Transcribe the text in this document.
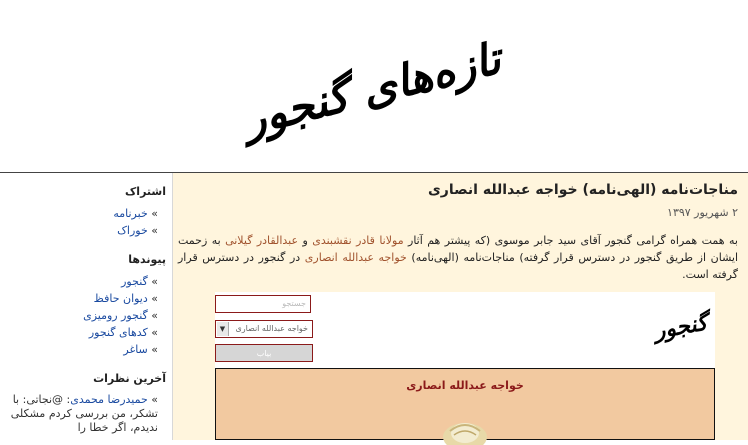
تازه‌های گنجور
مناجات‌نامه (الهی‌نامه) خواجه عبدالله انصاری
۲ شهریور ۱۳۹۷
به همت همراه گرامی گنجور آقای سید جابر موسوی (که پیشتر هم آثار مولانا قادر نقشبندی و عبدالقادر گیلانی به زحمت ایشان از طریق گنجور در دسترس قرار گرفته) مناجات‌نامه (الهی‌نامه) خواجه عبدالله انصاری در گنجور در دسترس قرار گرفته است.
جستجو
▼	خواجه عبدالله انصاری
بیاب
گنجور
خواجه عبدالله انصاری
اشتراک
» خبرنامه
» خوراک
پیوندها
» گنجور
» دیوان حافظ
» گنجور رومیزی
» کدهای گنجور
» ساغر
آخرین نظرات
» حمیدرضا محمدی: @نجاتی: با تشکر، من بررسی کردم مشکلی ندیدم، اگر خطا را
